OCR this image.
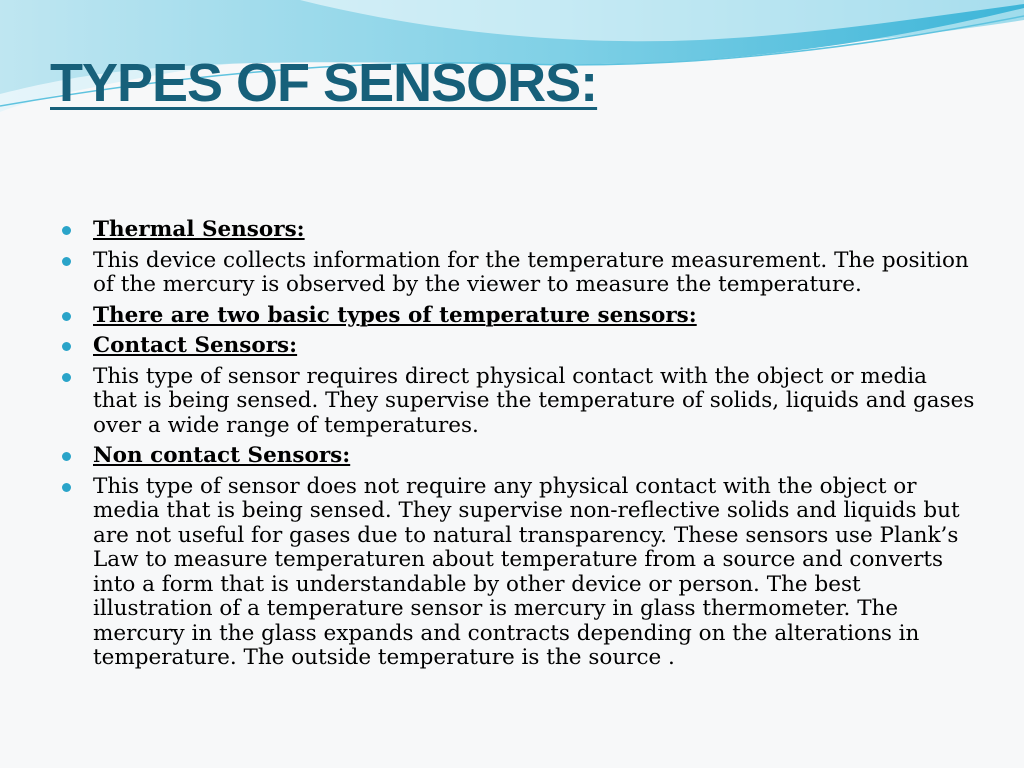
TYPES OF SENSORS:
Thermal Sensors:
This device collects information for the temperature measurement. The position of the mercury is observed by the viewer to measure the temperature.
There are two basic types of temperature sensors:
Contact Sensors:
This type of sensor requires direct physical contact with the object or media that is being sensed. They supervise the temperature of solids, liquids and gases over a wide range of temperatures.
Non contact Sensors:
This type of sensor does not require any physical contact with the object or media that is being sensed. They supervise non-reflective solids and liquids but are not useful for gases due to natural transparency. These sensors use Plank’s Law to measure temperaturen about temperature from a source and converts into a form that is understandable by other device or person. The best illustration of a temperature sensor is mercury in glass thermometer. The mercury in the glass expands and contracts depending on the alterations in temperature. The outside temperature is the source .
